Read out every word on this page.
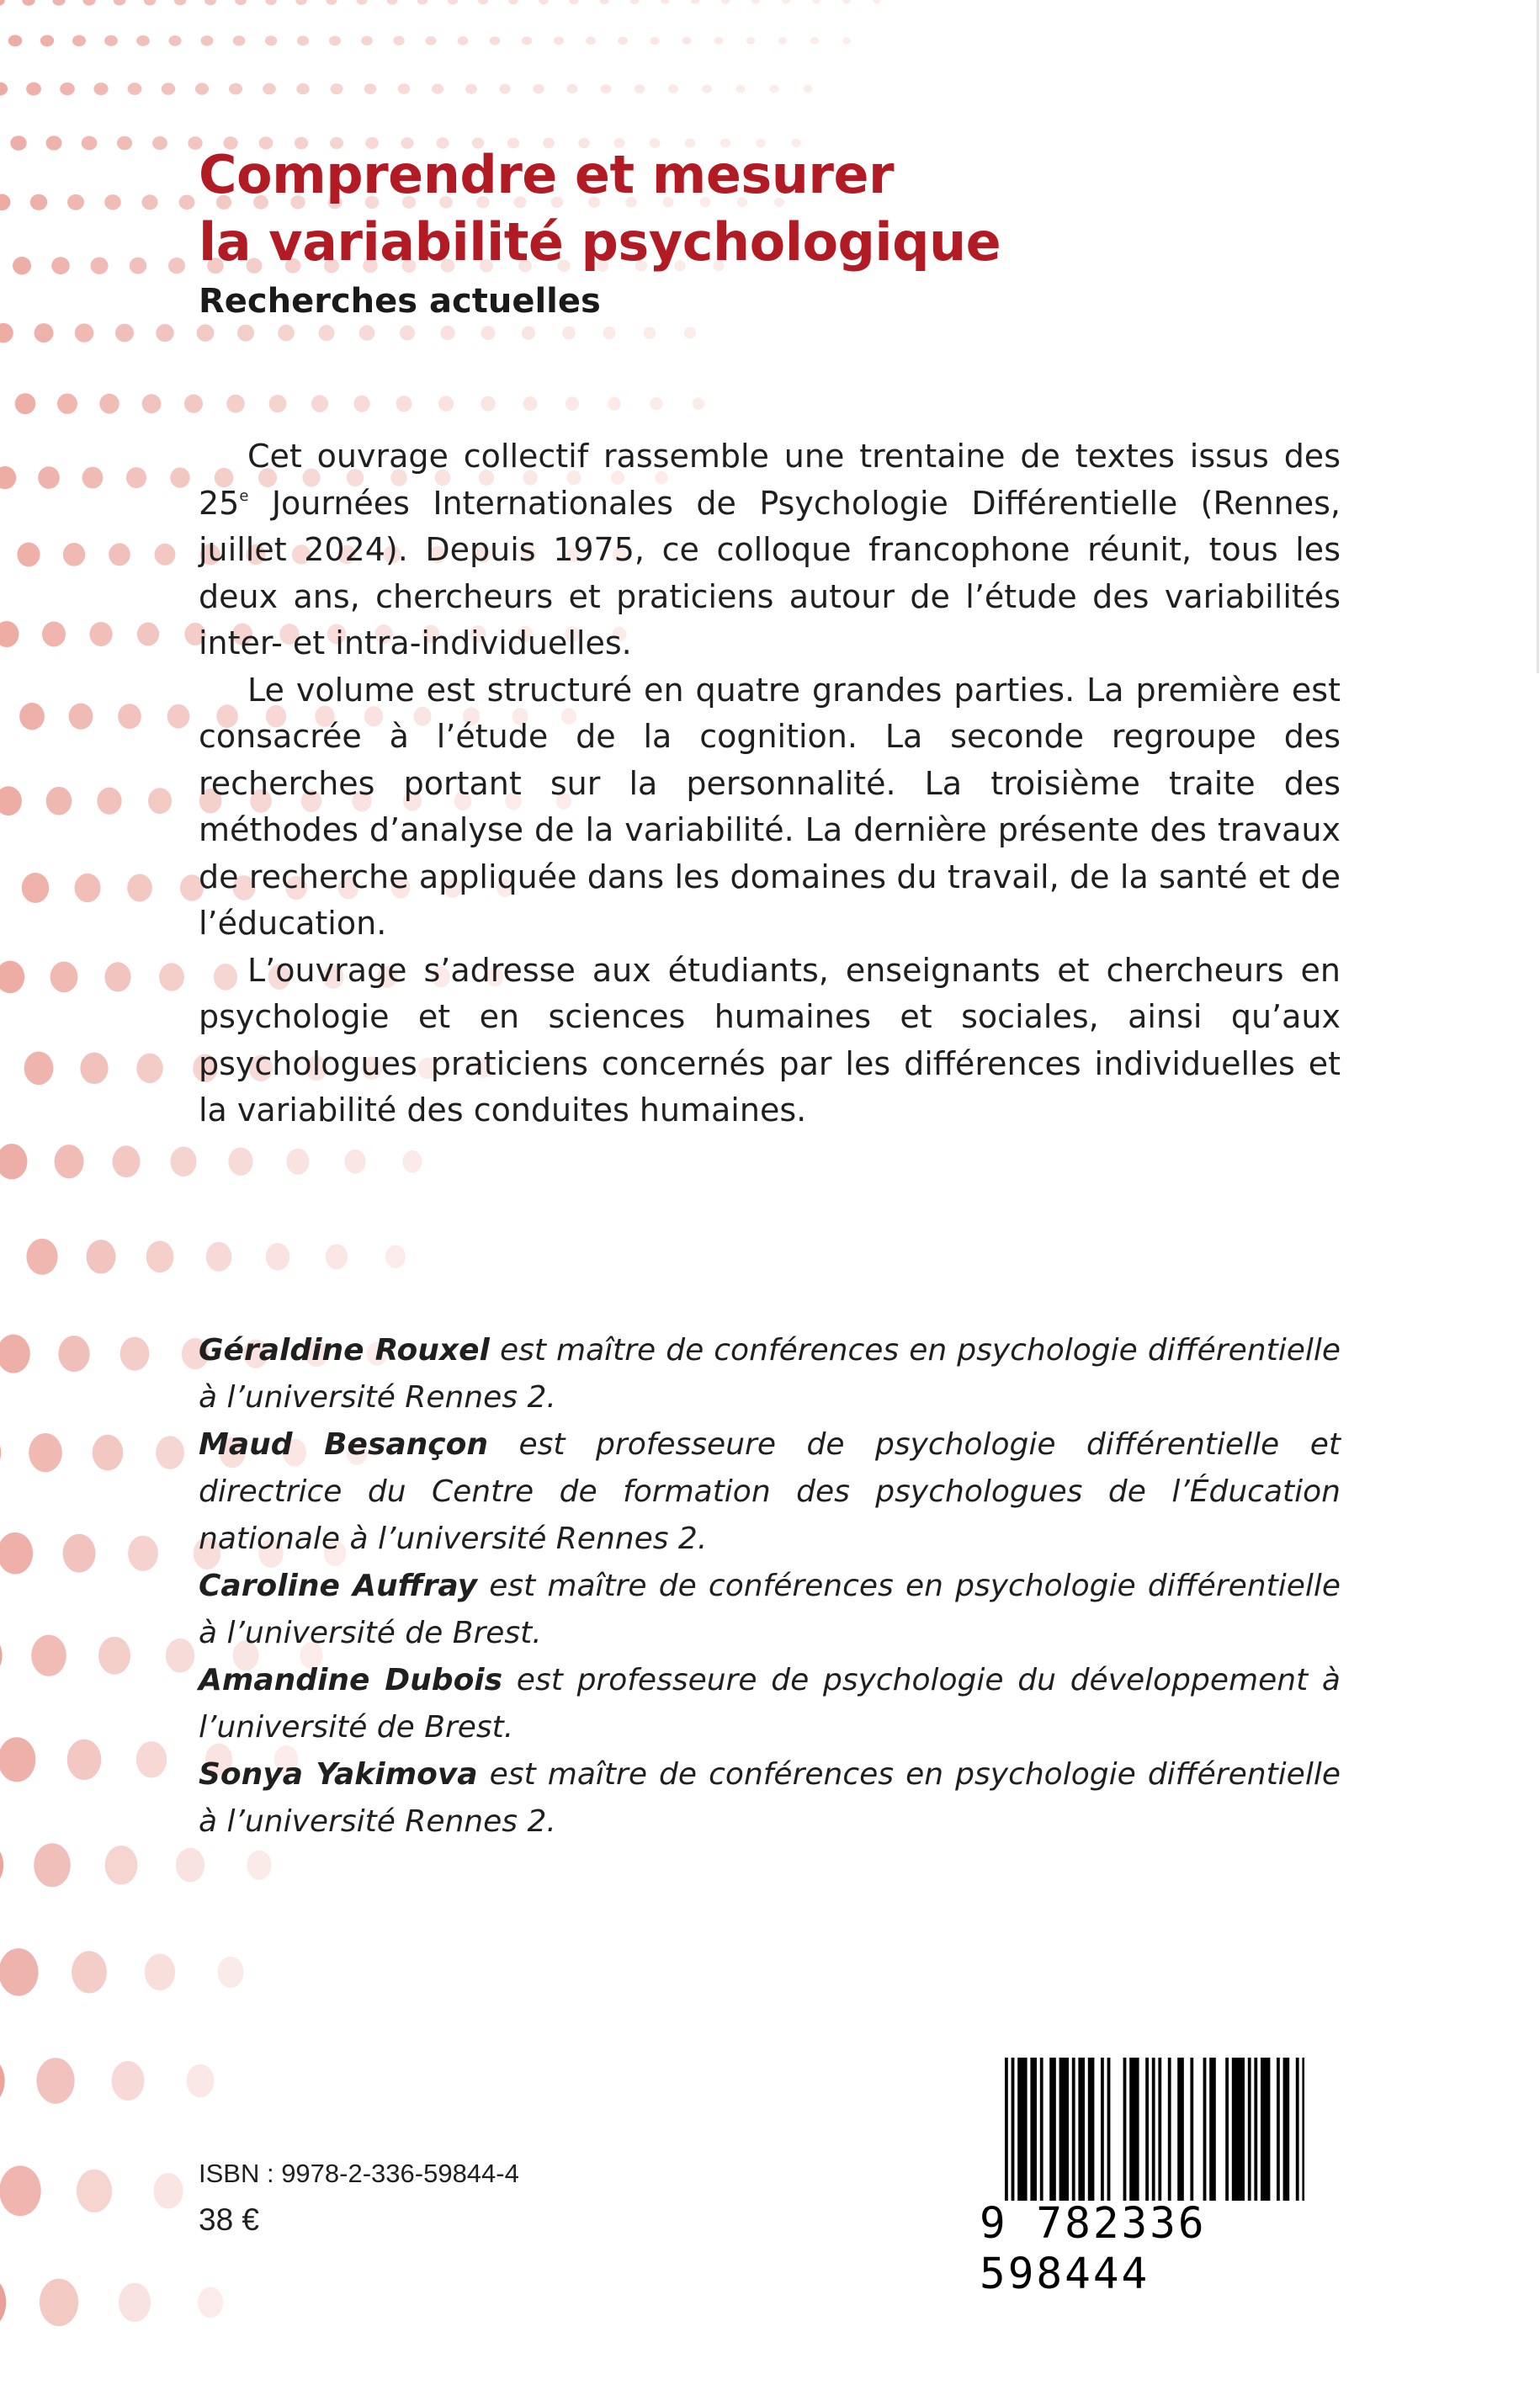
Comprendre et mesurer
la variabilité psychologique
Recherches actuelles

Cet ouvrage collectif rassemble une trentaine de textes issus des 25e Journées Internationales de Psychologie Différentielle (Rennes, juillet 2024). Depuis 1975, ce colloque francophone réunit, tous les deux ans, chercheurs et praticiens autour de l’étude des variabilités inter- et intra-individuelles.

Le volume est structuré en quatre grandes parties. La première est consacrée à l’étude de la cognition. La seconde regroupe des recherches portant sur la personnalité. La troisième traite des méthodes d’analyse de la variabilité. La dernière présente des travaux de recherche appliquée dans les domaines du travail, de la santé et de l’éducation.

L’ouvrage s’adresse aux étudiants, enseignants et chercheurs en psychologie et en sciences humaines et sociales, ainsi qu’aux psychologues praticiens concernés par les différences individuelles et la variabilité des conduites humaines.

Géraldine Rouxel est maître de conférences en psychologie différentielle à l’université Rennes 2.

Maud Besançon est professeure de psychologie différentielle et directrice du Centre de formation des psychologues de l’Éducation nationale à l’université Rennes 2.

Caroline Auffray est maître de conférences en psychologie différentielle à l’université de Brest.

Amandine Dubois est professeure de psychologie du développement à l’université de Brest.

Sonya Yakimova est maître de conférences en psychologie différentielle à l’université Rennes 2.

ISBN : 9978-2-336-59844-4
38 €	9 782336 598444
